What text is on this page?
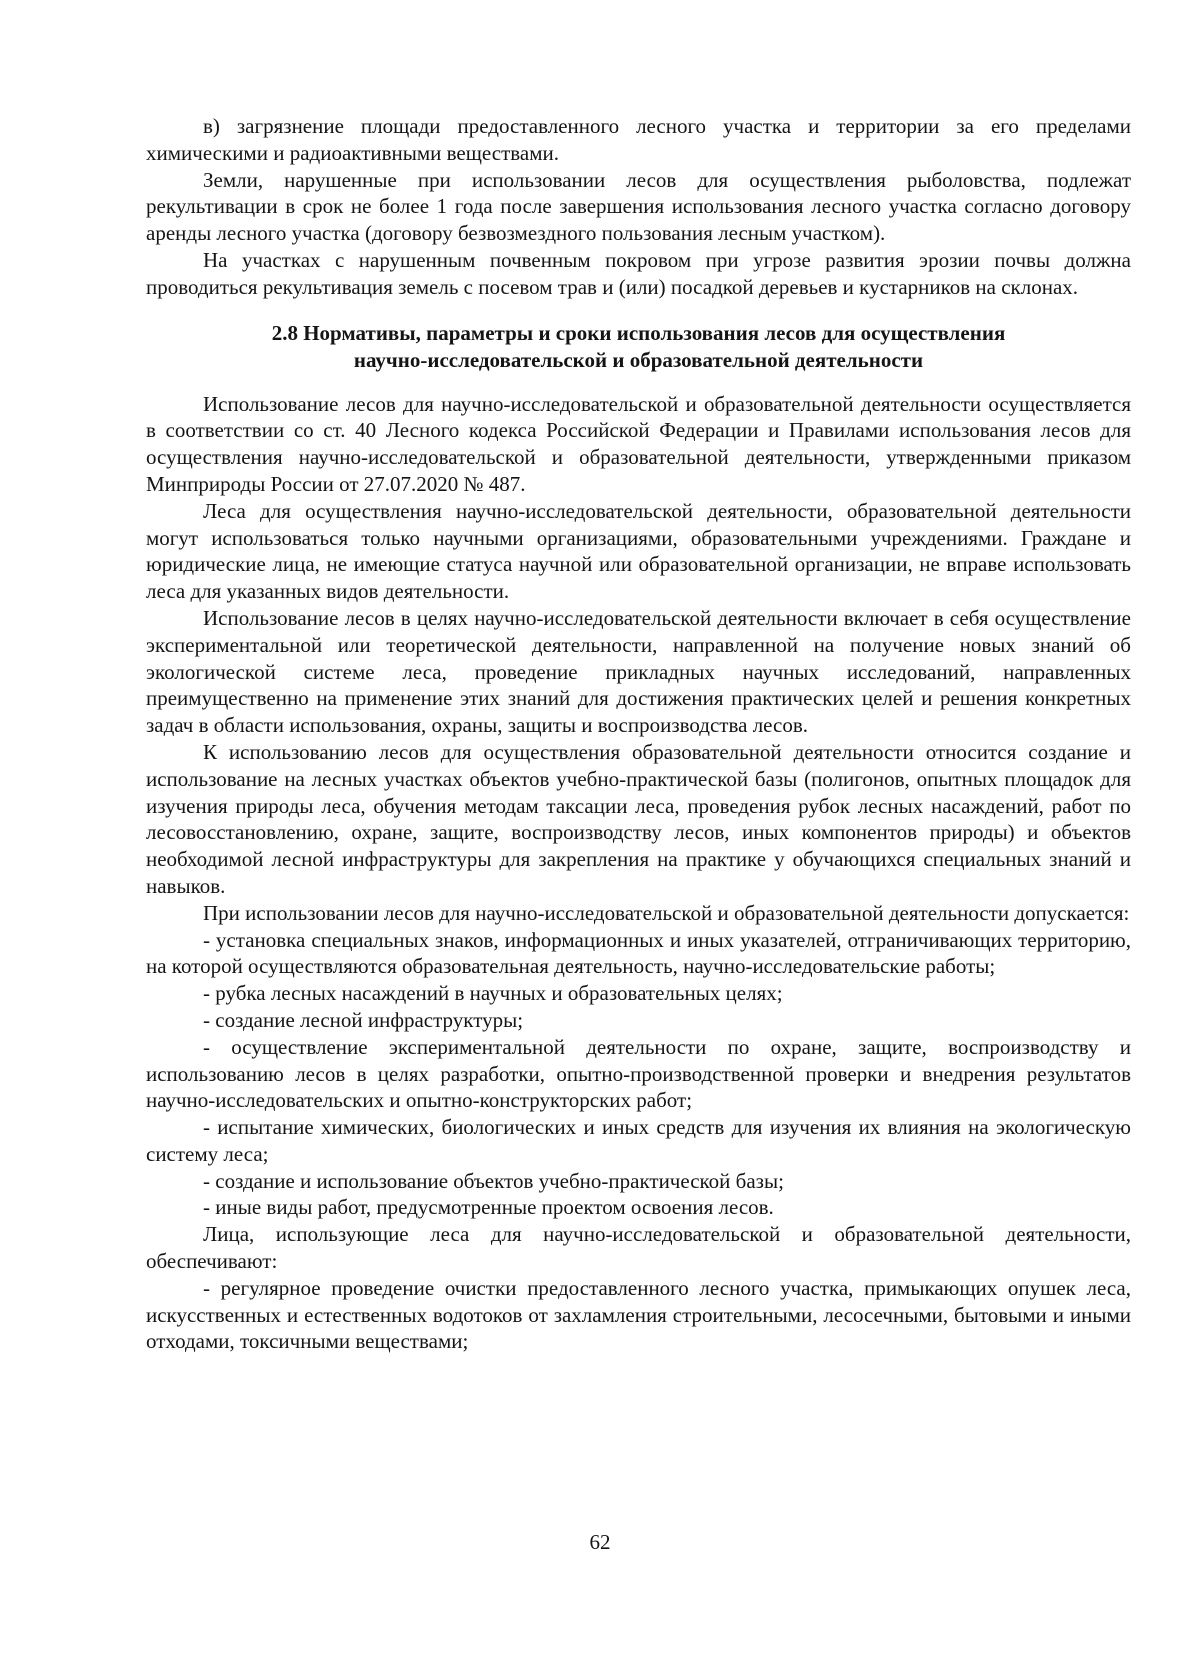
в) загрязнение площади предоставленного лесного участка и территории за его пределами химическими и радиоактивными веществами.

Земли, нарушенные при использовании лесов для осуществления рыболовства, подлежат рекультивации в срок не более 1 года после завершения использования лесного участка согласно договору аренды лесного участка (договору безвозмездного пользования лесным участком).

На участках с нарушенным почвенным покровом при угрозе развития эрозии почвы должна проводиться рекультивация земель с посевом трав и (или) посадкой деревьев и кустарников на склонах.

2.8 Нормативы, параметры и сроки использования лесов для осуществления
научно-исследовательской и образовательной деятельности

Использование лесов для научно-исследовательской и образовательной деятельности осуществляется в соответствии со ст. 40 Лесного кодекса Российской Федерации и Правилами использования лесов для осуществления научно-исследовательской и образовательной деятельности, утвержденными приказом Минприроды России от 27.07.2020 № 487.

Леса для осуществления научно-исследовательской деятельности, образовательной деятельности могут использоваться только научными организациями, образовательными учреждениями. Граждане и юридические лица, не имеющие статуса научной или образовательной организации, не вправе использовать леса для указанных видов деятельности.

Использование лесов в целях научно-исследовательской деятельности включает в себя осуществление экспериментальной или теоретической деятельности, направленной на получение новых знаний об экологической системе леса, проведение прикладных научных исследований, направленных преимущественно на применение этих знаний для достижения практических целей и решения конкретных задач в области использования, охраны, защиты и воспроизводства лесов.

К использованию лесов для осуществления образовательной деятельности относится создание и использование на лесных участках объектов учебно-практической базы (полигонов, опытных площадок для изучения природы леса, обучения методам таксации леса, проведения рубок лесных насаждений, работ по лесовосстановлению, охране, защите, воспроизводству лесов, иных компонентов природы) и объектов необходимой лесной инфраструктуры для закрепления на практике у обучающихся специальных знаний и навыков.

При использовании лесов для научно-исследовательской и образовательной деятельности допускается:

- установка специальных знаков, информационных и иных указателей, отграничивающих территорию, на которой осуществляются образовательная деятельность, научно-исследовательские работы;

- рубка лесных насаждений в научных и образовательных целях;

- создание лесной инфраструктуры;

- осуществление экспериментальной деятельности по охране, защите, воспроизводству и использованию лесов в целях разработки, опытно-производственной проверки и внедрения результатов научно-исследовательских и опытно-конструкторских работ;

- испытание химических, биологических и иных средств для изучения их влияния на экологическую систему леса;

- создание и использование объектов учебно-практической базы;

- иные виды работ, предусмотренные проектом освоения лесов.

Лица, использующие леса для научно-исследовательской и образовательной деятельности, обеспечивают:

- регулярное проведение очистки предоставленного лесного участка, примыкающих опушек леса, искусственных и естественных водотоков от захламления строительными, лесосечными, бытовыми и иными отходами, токсичными веществами;

62
